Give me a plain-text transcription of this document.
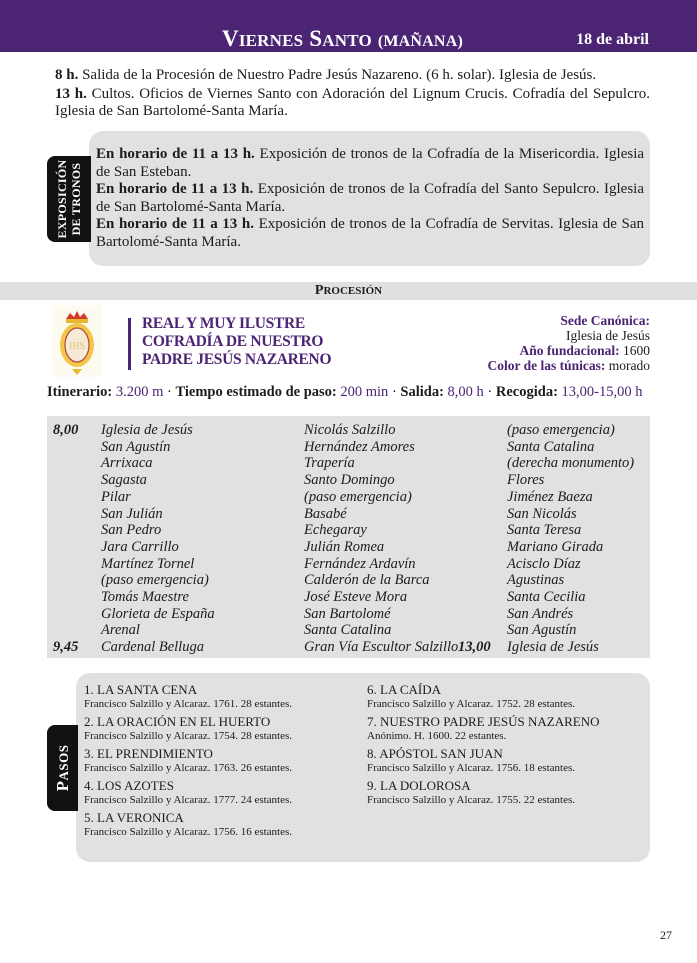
VIERNES SANTO (MAÑANA)	18 de abril
8 h. Salida de la Procesión de Nuestro Padre Jesús Nazareno. (6 h. solar). Iglesia de Jesús.
13 h. Cultos. Oficios de Viernes Santo con Adoración del Lignum Crucis. Cofradía del Sepulcro. Iglesia de San Bartolomé-Santa María.
EXPOSICIÓN DE TRONOS
En horario de 11 a 13 h. Exposición de tronos de la Cofradía de la Misericordia. Iglesia de San Esteban.
En horario de 11 a 13 h. Exposición de tronos de la Cofradía del Santo Sepulcro. Iglesia de San Bartolomé-Santa María.
En horario de 11 a 13 h. Exposición de tronos de la Cofradía de Servitas. Iglesia de San Bartolomé-Santa María.
PROCESIÓN
IHS
REAL Y MUY ILUSTRE
COFRADÍA DE NUESTRO
PADRE JESÚS NAZARENO
Sede Canónica:
Iglesia de Jesús
Año fundacional: 1600
Color de las túnicas: morado
Itinerario: 3.200 m · Tiempo estimado de paso: 200 min · Salida: 8,00 h · Recogida: 13,00-15,00 h
8,00
9,45	13,00
Iglesia de Jesús
San Agustín
Arrixaca
Sagasta
Pilar
San Julián
San Pedro
Jara Carrillo
Martínez Tornel
(paso emergencia)
Tomás Maestre
Glorieta de España
Arenal
Cardenal Belluga
Nicolás Salzillo
Hernández Amores
Trapería
Santo Domingo
(paso emergencia)
Basabé
Echegaray
Julián Romea
Fernández Ardavín
Calderón de la Barca
José Esteve Mora
San Bartolomé
Santa Catalina
Gran Vía Escultor Salzillo
(paso emergencia)
Santa Catalina
(derecha monumento)
Flores
Jiménez Baeza
San Nicolás
Santa Teresa
Mariano Girada
Acisclo Díaz
Agustinas
Santa Cecilia
San Andrés
San Agustín
Iglesia de Jesús
PASOS
1. LA SANTA CENA
Francisco Salzillo y Alcaraz. 1761. 28 estantes.
2. LA ORACIÓN EN EL HUERTO
Francisco Salzillo y Alcaraz. 1754. 28 estantes.
3. EL PRENDIMIENTO
Francisco Salzillo y Alcaraz. 1763. 26 estantes.
4. LOS AZOTES
Francisco Salzillo y Alcaraz. 1777. 24 estantes.
5. LA VERONICA
Francisco Salzillo y Alcaraz. 1756. 16 estantes.
6. LA CAÍDA
Francisco Salzillo y Alcaraz. 1752. 28 estantes.
7. NUESTRO PADRE JESÚS NAZARENO
Anónimo. H. 1600. 22 estantes.
8. APÓSTOL SAN JUAN
Francisco Salzillo y Alcaraz. 1756. 18 estantes.
9. LA DOLOROSA
Francisco Salzillo y Alcaraz. 1755. 22 estantes.
27
